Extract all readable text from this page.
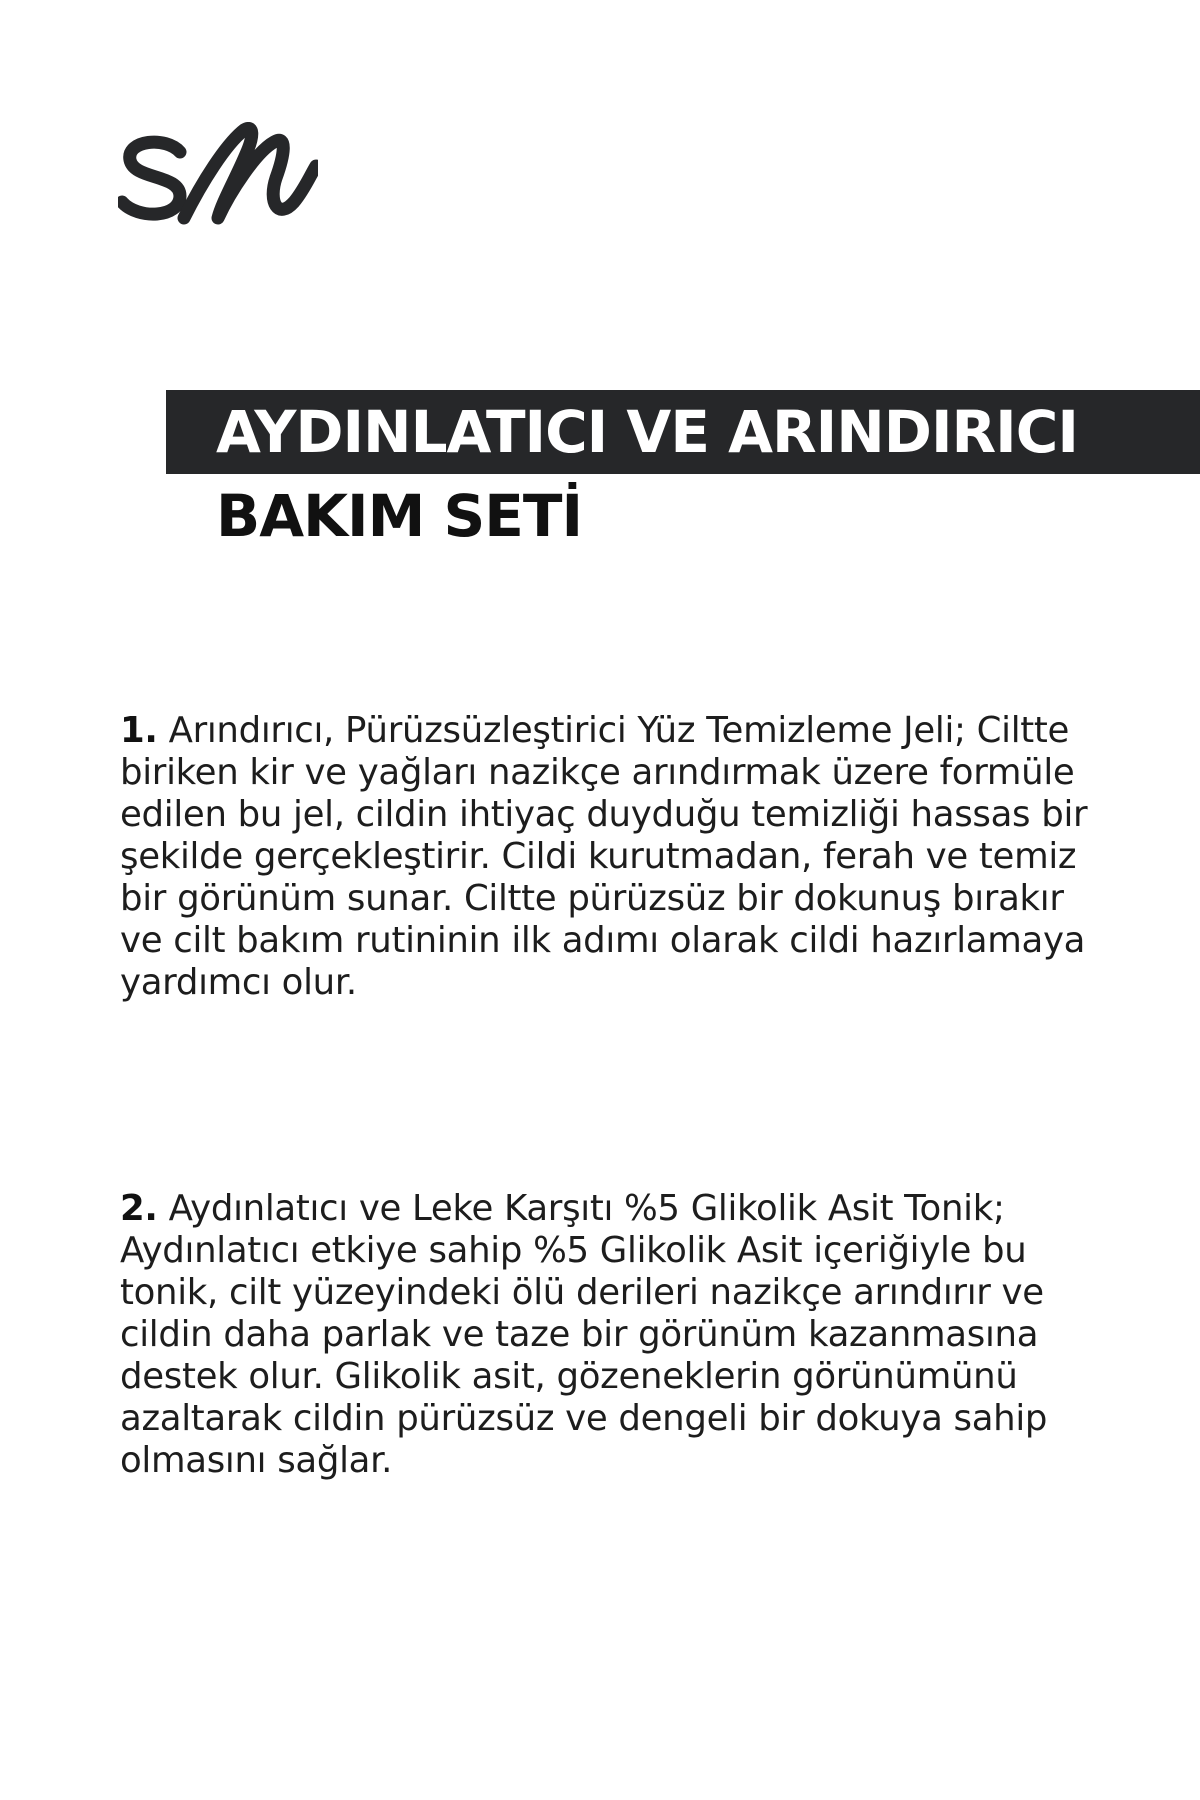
AYDINLATICI VE ARINDIRICI
BAKIM SETİ
1. Arındırıcı, Pürüzsüzleştirici Yüz Temizleme Jeli; Ciltte biriken kir ve yağları nazikçe arındırmak üzere formüle edilen bu jel, cildin ihtiyaç duyduğu temizliği hassas bir şekilde gerçekleştirir. Cildi kurutmadan, ferah ve temiz bir görünüm sunar. Ciltte pürüzsüz bir dokunuş bırakır ve cilt bakım rutininin ilk adımı olarak cildi hazırlamaya yardımcı olur.
2. Aydınlatıcı ve Leke Karşıtı %5 Glikolik Asit Tonik; Aydınlatıcı etkiye sahip %5 Glikolik Asit içeriğiyle bu tonik, cilt yüzeyindeki ölü derileri nazikçe arındırır ve cildin daha parlak ve taze bir görünüm kazanmasına destek olur. Glikolik asit, gözeneklerin görünümünü azaltarak cildin pürüzsüz ve dengeli bir dokuya sahip olmasını sağlar.
